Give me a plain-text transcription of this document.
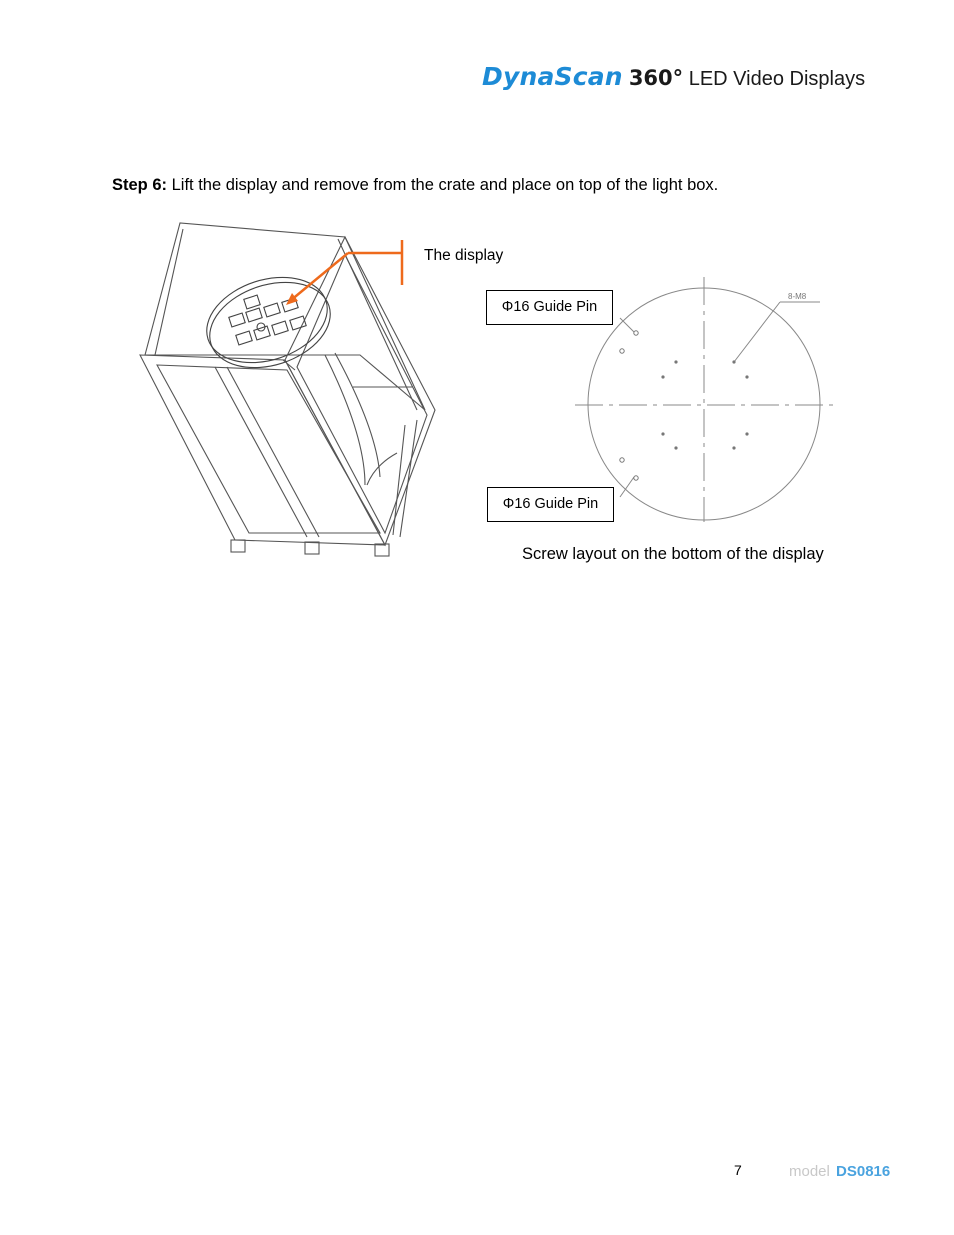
DynaScan 360° LED Video Displays
Step 6: Lift the display and remove from the crate and place on top of the light box.
The display
Φ16 Guide Pin
Φ16 Guide Pin
8-M8
Screw layout on the bottom of the display
7	model DS0816
